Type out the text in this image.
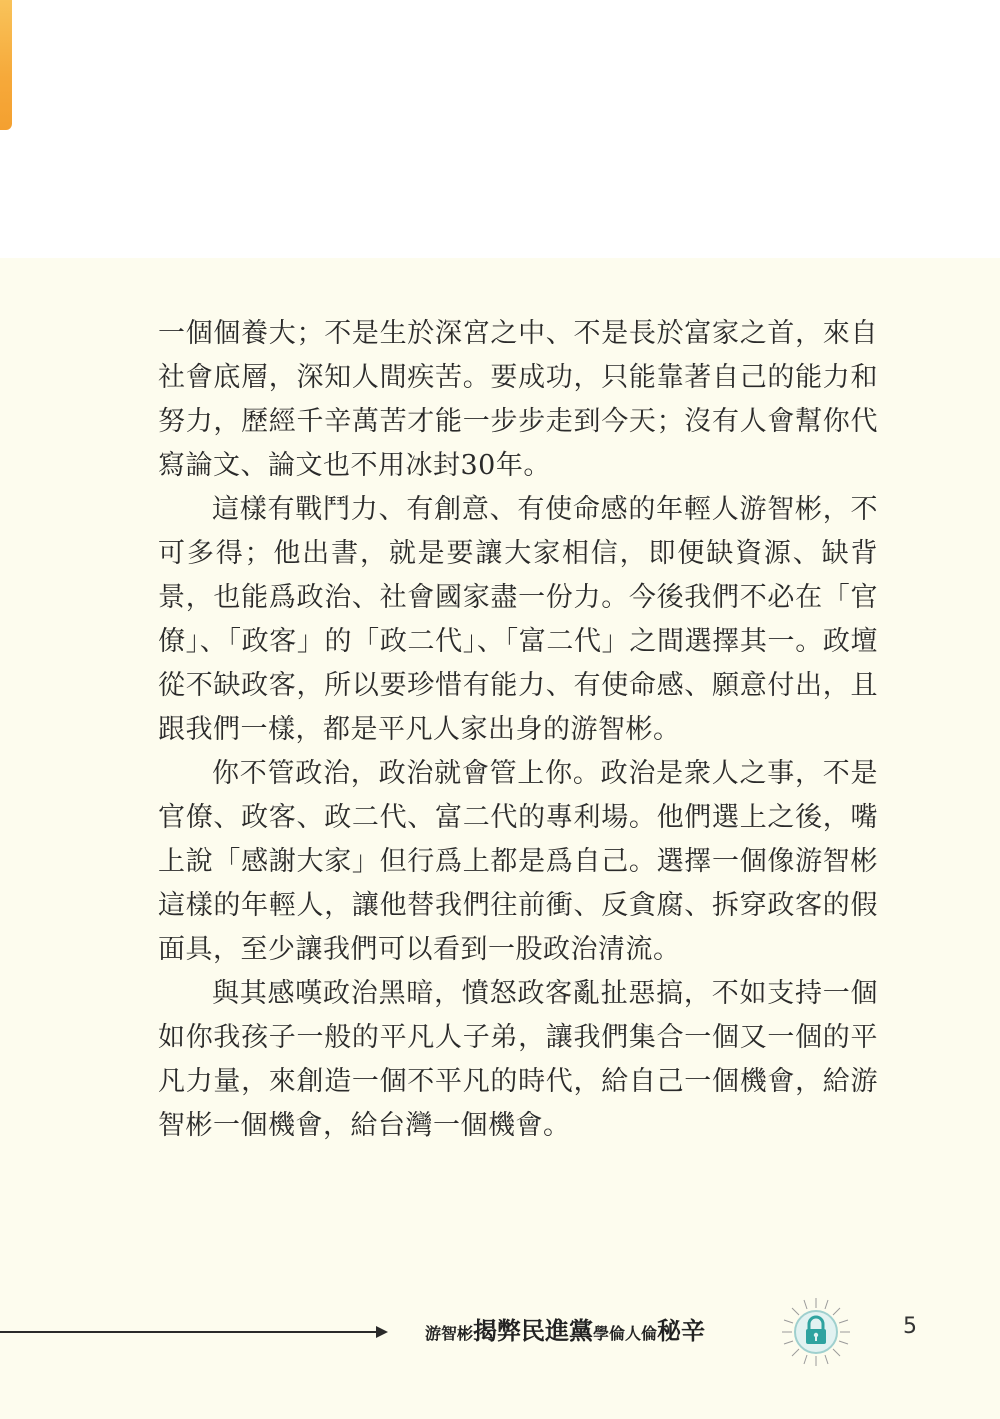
一個個養大；不是生於深宮之中、不是長於富家之首，來自社會底層，深知人間疾苦。要成功，只能靠著自己的能力和努力，歷經千辛萬苦才能一步步走到今天；沒有人會幫你代寫論文、論文也不用冰封30年。

這樣有戰鬥力、有創意、有使命感的年輕人游智彬，不可多得；他出書，就是要讓大家相信，即便缺資源、缺背景，也能爲政治、社會國家盡一份力。今後我們不必在「官僚」、「政客」的「政二代」、「富二代」之間選擇其一。政壇從不缺政客，所以要珍惜有能力、有使命感、願意付出，且跟我們一樣，都是平凡人家出身的游智彬。

你不管政治，政治就會管上你。政治是衆人之事，不是官僚、政客、政二代、富二代的專利場。他們選上之後，嘴上說「感謝大家」但行爲上都是爲自己。選擇一個像游智彬這樣的年輕人，讓他替我們往前衝、反貪腐、拆穿政客的假面具，至少讓我們可以看到一股政治清流。

與其感嘆政治黑暗，憤怒政客亂扯惡搞，不如支持一個如你我孩子一般的平凡人子弟，讓我們集合一個又一個的平凡力量，來創造一個不平凡的時代，給自己一個機會，給游智彬一個機會，給台灣一個機會。

游智彬揭弊民進黨學倫人倫秘辛	5
